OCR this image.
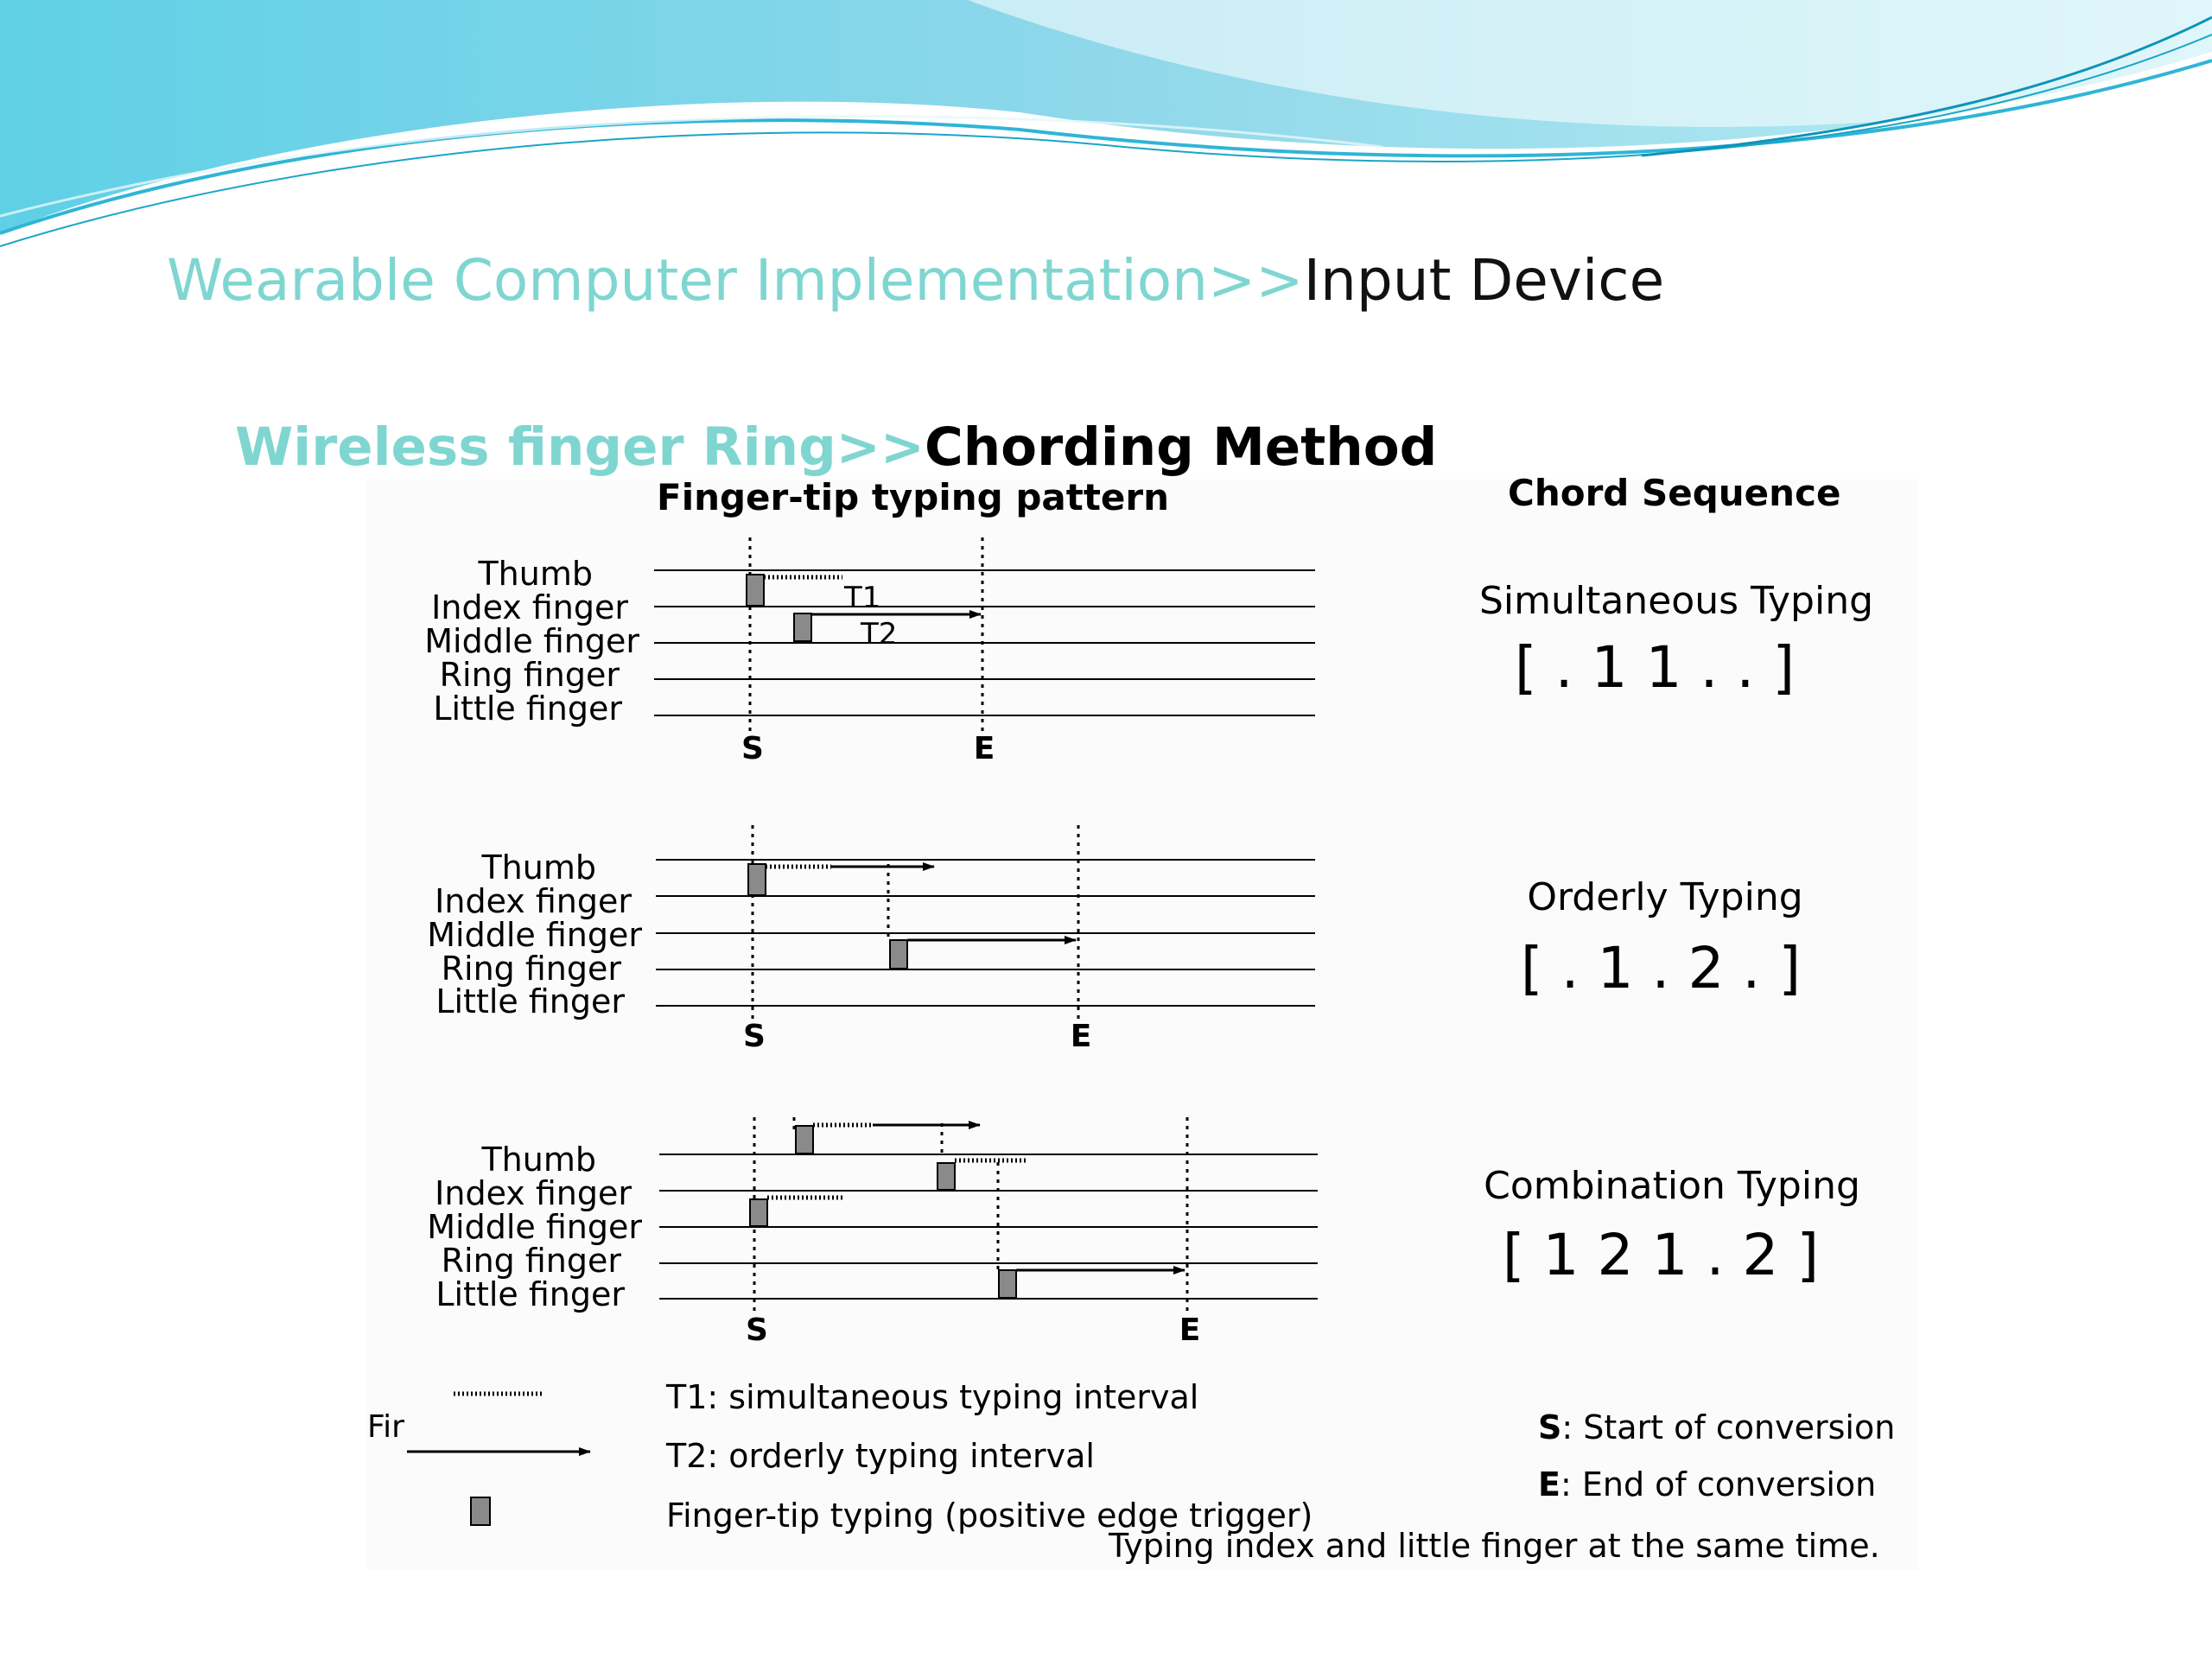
Wearable Computer Implementation>>Input Device
Wireless finger Ring>>Chording Method
Finger-tip typing pattern	Chord Sequence
Thumb
Index finger
Middle finger
Ring finger
Little finger
T1
T2
S	E
Simultaneous Typing
[ . 1 1 . . ]
Thumb
Index finger
Middle finger
Ring finger
Little finger
S	E
Orderly Typing
[ . 1 . 2 . ]
Thumb
Index finger
Middle finger
Ring finger
Little finger
S	E
Combination Typing
[ 1 2 1 . 2 ]
Fir
T1: simultaneous typing interval
T2: orderly typing interval
Finger-tip typing (positive edge trigger)
S: Start of conversion
E: End of conversion
Typing index and little finger at the same time.
